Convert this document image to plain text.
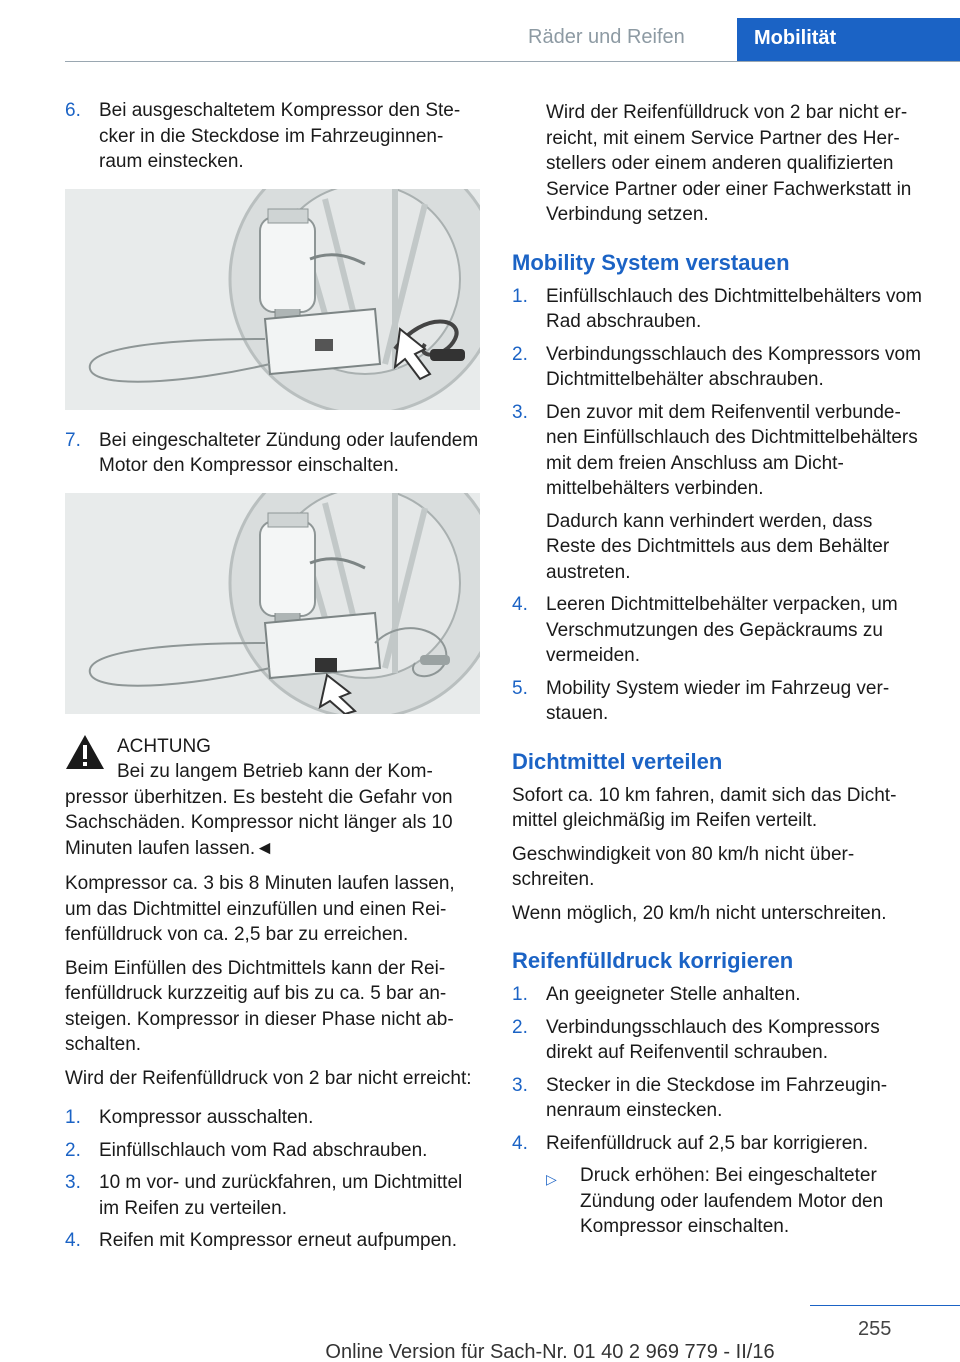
Räder und Reifen	Mobilität
6. Bei ausgeschaltetem Kompressor den Stecker in die Steckdose im Fahrzeuginnenraum einstecken.
7. Bei eingeschalteter Zündung oder laufendem Motor den Kompressor einschalten.
ACHTUNG

Bei zu langem Betrieb kann der Kompressor überhitzen. Es besteht die Gefahr von Sachschäden. Kompressor nicht länger als 10 Minuten laufen lassen.◄

Kompressor ca. 3 bis 8 Minuten laufen lassen, um das Dichtmittel einzufüllen und einen Reifenfülldruck von ca. 2,5 bar zu erreichen.

Beim Einfüllen des Dichtmittels kann der Reifenfülldruck kurzzeitig auf bis zu ca. 5 bar ansteigen. Kompressor in dieser Phase nicht abschalten.

Wird der Reifenfülldruck von 2 bar nicht erreicht:

1. Kompressor ausschalten.
2. Einfüllschlauch vom Rad abschrauben.
3. 10 m vor- und zurückfahren, um Dichtmittel im Reifen zu verteilen.
4. Reifen mit Kompressor erneut aufpumpen.

Wird der Reifenfülldruck von 2 bar nicht erreicht, mit einem Service Partner des Herstellers oder einem anderen qualifizierten Service Partner oder einer Fachwerkstatt in Verbindung setzen.

Mobility System verstauen
1. Einfüllschlauch des Dichtmittelbehälters vom Rad abschrauben.
2. Verbindungsschlauch des Kompressors vom Dichtmittelbehälter abschrauben.
3. Den zuvor mit dem Reifenventil verbundenen Einfüllschlauch des Dichtmittelbehälters mit dem freien Anschluss am Dichtmittelbehälters verbinden.
Dadurch kann verhindert werden, dass Reste des Dichtmittels aus dem Behälter austreten.
4. Leeren Dichtmittelbehälter verpacken, um Verschmutzungen des Gepäckraums zu vermeiden.
5. Mobility System wieder im Fahrzeug verstauen.
Dichtmittel verteilen

Sofort ca. 10 km fahren, damit sich das Dichtmittel gleichmäßig im Reifen verteilt.

Geschwindigkeit von 80 km/h nicht überschreiten.

Wenn möglich, 20 km/h nicht unterschreiten.

Reifenfülldruck korrigieren
1. An geeigneter Stelle anhalten.
2. Verbindungsschlauch des Kompressors direkt auf Reifenventil schrauben.
3. Stecker in die Steckdose im Fahrzeuginnenraum einstecken.
4. Reifenfülldruck auf 2,5 bar korrigieren.
▷	Druck erhöhen: Bei eingeschalteter Zündung oder laufendem Motor den Kompressor einschalten.
255
Online Version für Sach-Nr. 01 40 2 969 779 - II/16
